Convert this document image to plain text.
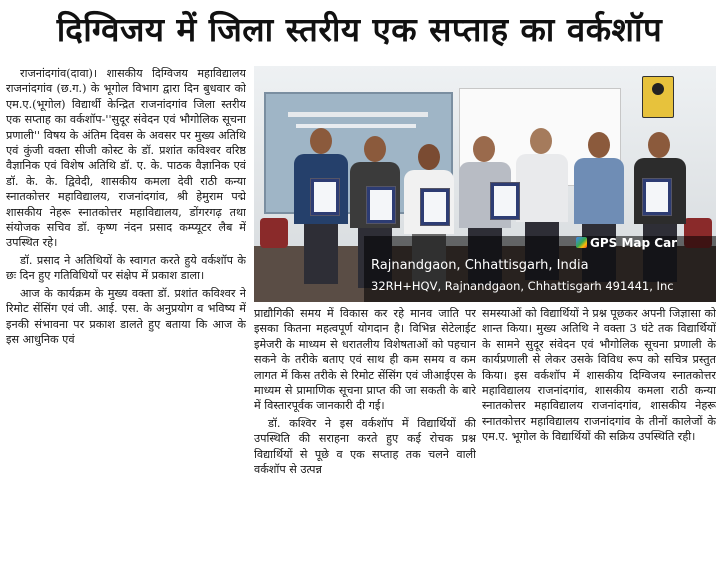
दिग्विजय में जिला स्तरीय एक सप्ताह का वर्कशॉप

राजनांदगांव(दावा)। शासकीय दिग्विजय महाविद्यालय राजनांदगांव (छ.ग.) के भूगोल विभाग द्वारा दिन बुधवार को एम.ए.(भूगोल) विद्यार्थी केन्द्रित राजनांदगांव जिला स्तरीय एक सप्ताह का वर्कशॉप-''सुदूर संवेदन एवं भौगोलिक सूचना प्रणाली'' विषय के अंतिम दिवस के अवसर पर मुख्य अतिथि एवं कुंजी वक्ता सीजी कोस्ट के डॉ. प्रशांत कविश्वर वरिष्ठ वैज्ञानिक एवं विशेष अतिथि डॉ. ए. के. पाठक वैज्ञानिक एवं डॉ. के. के. द्विवेदी, शासकीय कमला देवी राठी कन्या स्नातकोत्तर महाविद्यालय, राजनांदगांव, श्री हेमुराम पद्मे शासकीय नेहरू स्नातकोत्तर महाविद्यालय, डोंगरगढ़ तथा संयोजक सचिव डॉ. कृष्ण नंदन प्रसाद कम्प्यूटर लैब में उपस्थित रहे।

डॉ. प्रसाद ने अतिथियों के स्वागत करते हुये वर्कशॉप के छः दिन हुए गतिविधियों पर संक्षेप में प्रकाश डाला।

आज के कार्यक्रम के मुख्य वक्ता डॉ. प्रशांत कविश्वर ने रिमोट सेंसिंग एवं जी. आई. एस. के अनुप्रयोग व भविष्य में इनकी संभावना पर प्रकाश डालते हुए बताया कि आज के इस आधुनिक एवं

GPS Map Car
Rajnandgaon, Chhattisgarh, India
32RH+HQV, Rajnandgaon, Chhattisgarh 491441, Inc

प्राद्यौगिकी समय में विकास कर रहे मानव जाति पर इसका कितना महत्वपूर्ण योगदान है। विभिन्न सेटेलाईट इमेजरी के माध्यम से धरातलीय विशेषताओं को पहचान सकने के तरीके बताए एवं साथ ही कम समय व कम लागत में किस तरीके से रिमोट सेंसिंग एवं जीआईएस के माध्यम से प्रामाणिक सूचना प्राप्त की जा सकती के बारे में विस्तारपूर्वक जानकारी दी गई।

डॉ. कश्विर ने इस वर्कशॉप में विद्यार्थियों की उपस्थिति की सराहना करते हुए कई रोचक प्रश्न विद्यार्थियों से पूछे व एक सप्ताह तक चलने वाली वर्कशॉप से उत्पन्न

समस्याओं को विद्यार्थियों ने प्रश्न पूछकर अपनी जिज्ञासा को शान्त किया। मुख्य अतिथि ने वक्ता 3 घंटे तक विद्यार्थियों के सामने सुदूर संवेदन एवं भौगोलिक सूचना प्रणाली के कार्यप्रणाली से लेकर उसके विविध रूप को सचित्र प्रस्तुत किया। इस वर्कशॉप में शासकीय दिग्विजय स्नातकोत्तर महाविद्यालय राजनांदगांव, शासकीय कमला राठी कन्या स्नातकोत्तर महाविद्यालय राजनांदगांव, शासकीय नेहरू स्नातकोत्तर महाविद्यालय राजनांदगांव के तीनों कालेजों के एम.ए. भूगोल के विद्यार्थियों की सक्रिय उपस्थिति रही।
